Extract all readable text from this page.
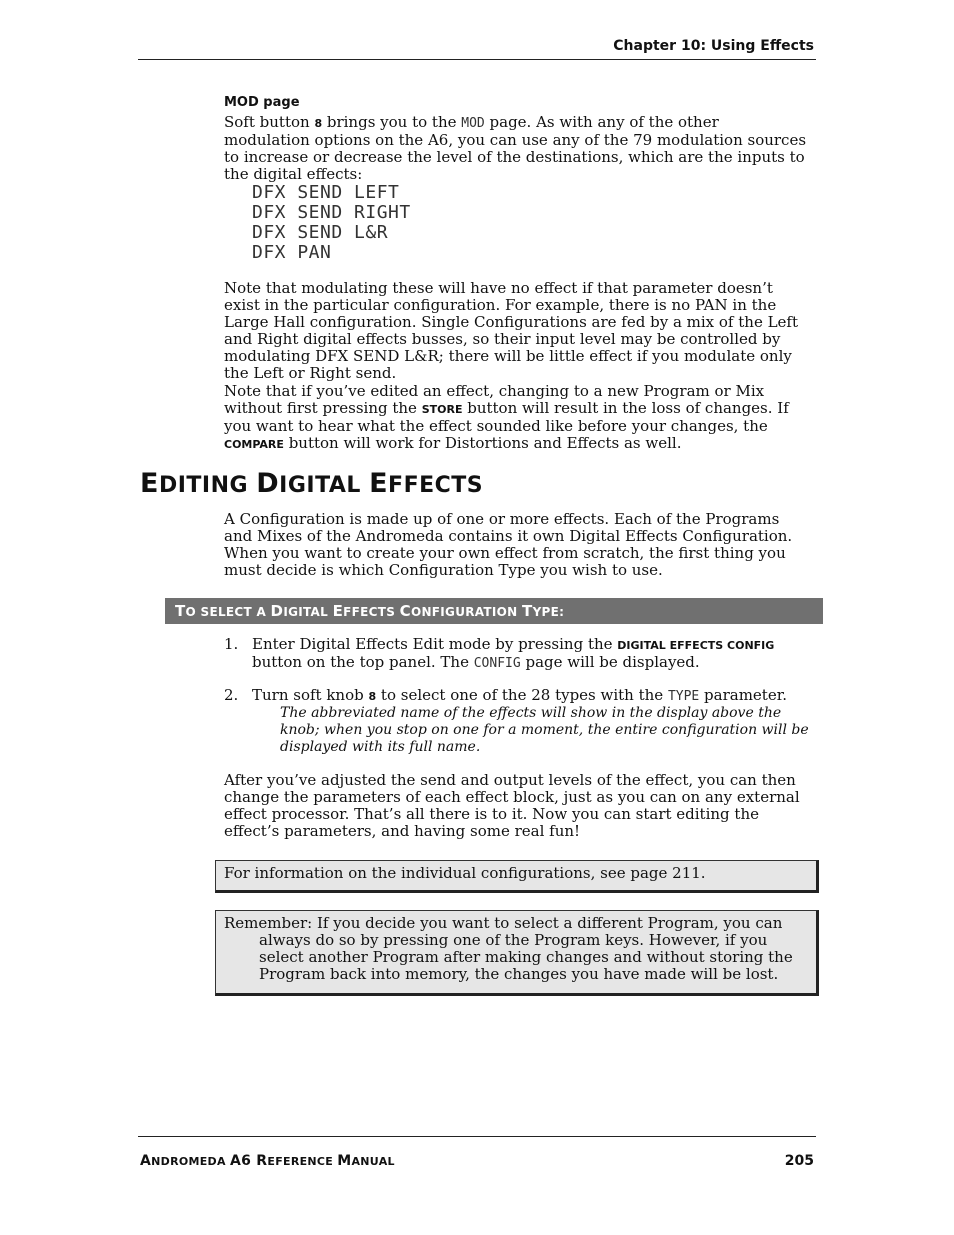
Chapter 10: Using Effects
MOD page

Soft button 8 brings you to the MOD page. As with any of the other modulation options on the A6, you can use any of the 79 modulation sources to increase or decrease the level of the destinations, which are the inputs to the digital effects:

DFX SEND LEFT
DFX SEND RIGHT
DFX SEND L&R
DFX PAN

Note that modulating these will have no effect if that parameter doesn’t exist in the particular configuration. For example, there is no PAN in the Large Hall configuration. Single Configurations are fed by a mix of the Left and Right digital effects busses, so their input level may be controlled by modulating DFX SEND L&R; there will be little effect if you modulate only the Left or Right send.

Note that if you’ve edited an effect, changing to a new Program or Mix without first pressing the STORE button will result in the loss of changes. If you want to hear what the effect sounded like before your changes, the COMPARE button will work for Distortions and Effects as well.

EDITING DIGITAL EFFECTS

A Configuration is made up of one or more effects. Each of the Programs and Mixes of the Andromeda contains it own Digital Effects Configuration. When you want to create your own effect from scratch, the first thing you must decide is which Configuration Type you wish to use.

TO SELECT A DIGITAL EFFECTS CONFIGURATION TYPE:
1. Enter Digital Effects Edit mode by pressing the DIGITAL EFFECTS CONFIG button on the top panel. The CONFIG page will be displayed.
2. Turn soft knob 8 to select one of the 28 types with the TYPE parameter.
The abbreviated name of the effects will show in the display above the knob; when you stop on one for a moment, the entire configuration will be displayed with its full name.

After you’ve adjusted the send and output levels of the effect, you can then change the parameters of each effect block, just as you can on any external effect processor. That’s all there is to it. Now you can start editing the effect’s parameters, and having some real fun!

For information on the individual configurations, see page 211.
Remember: If you decide you want to select a different Program, you can always do so by pressing one of the Program keys. However, if you select another Program after making changes and without storing the Program back into memory, the changes you have made will be lost.
ANDROMEDA A6 REFERENCE MANUAL	205
